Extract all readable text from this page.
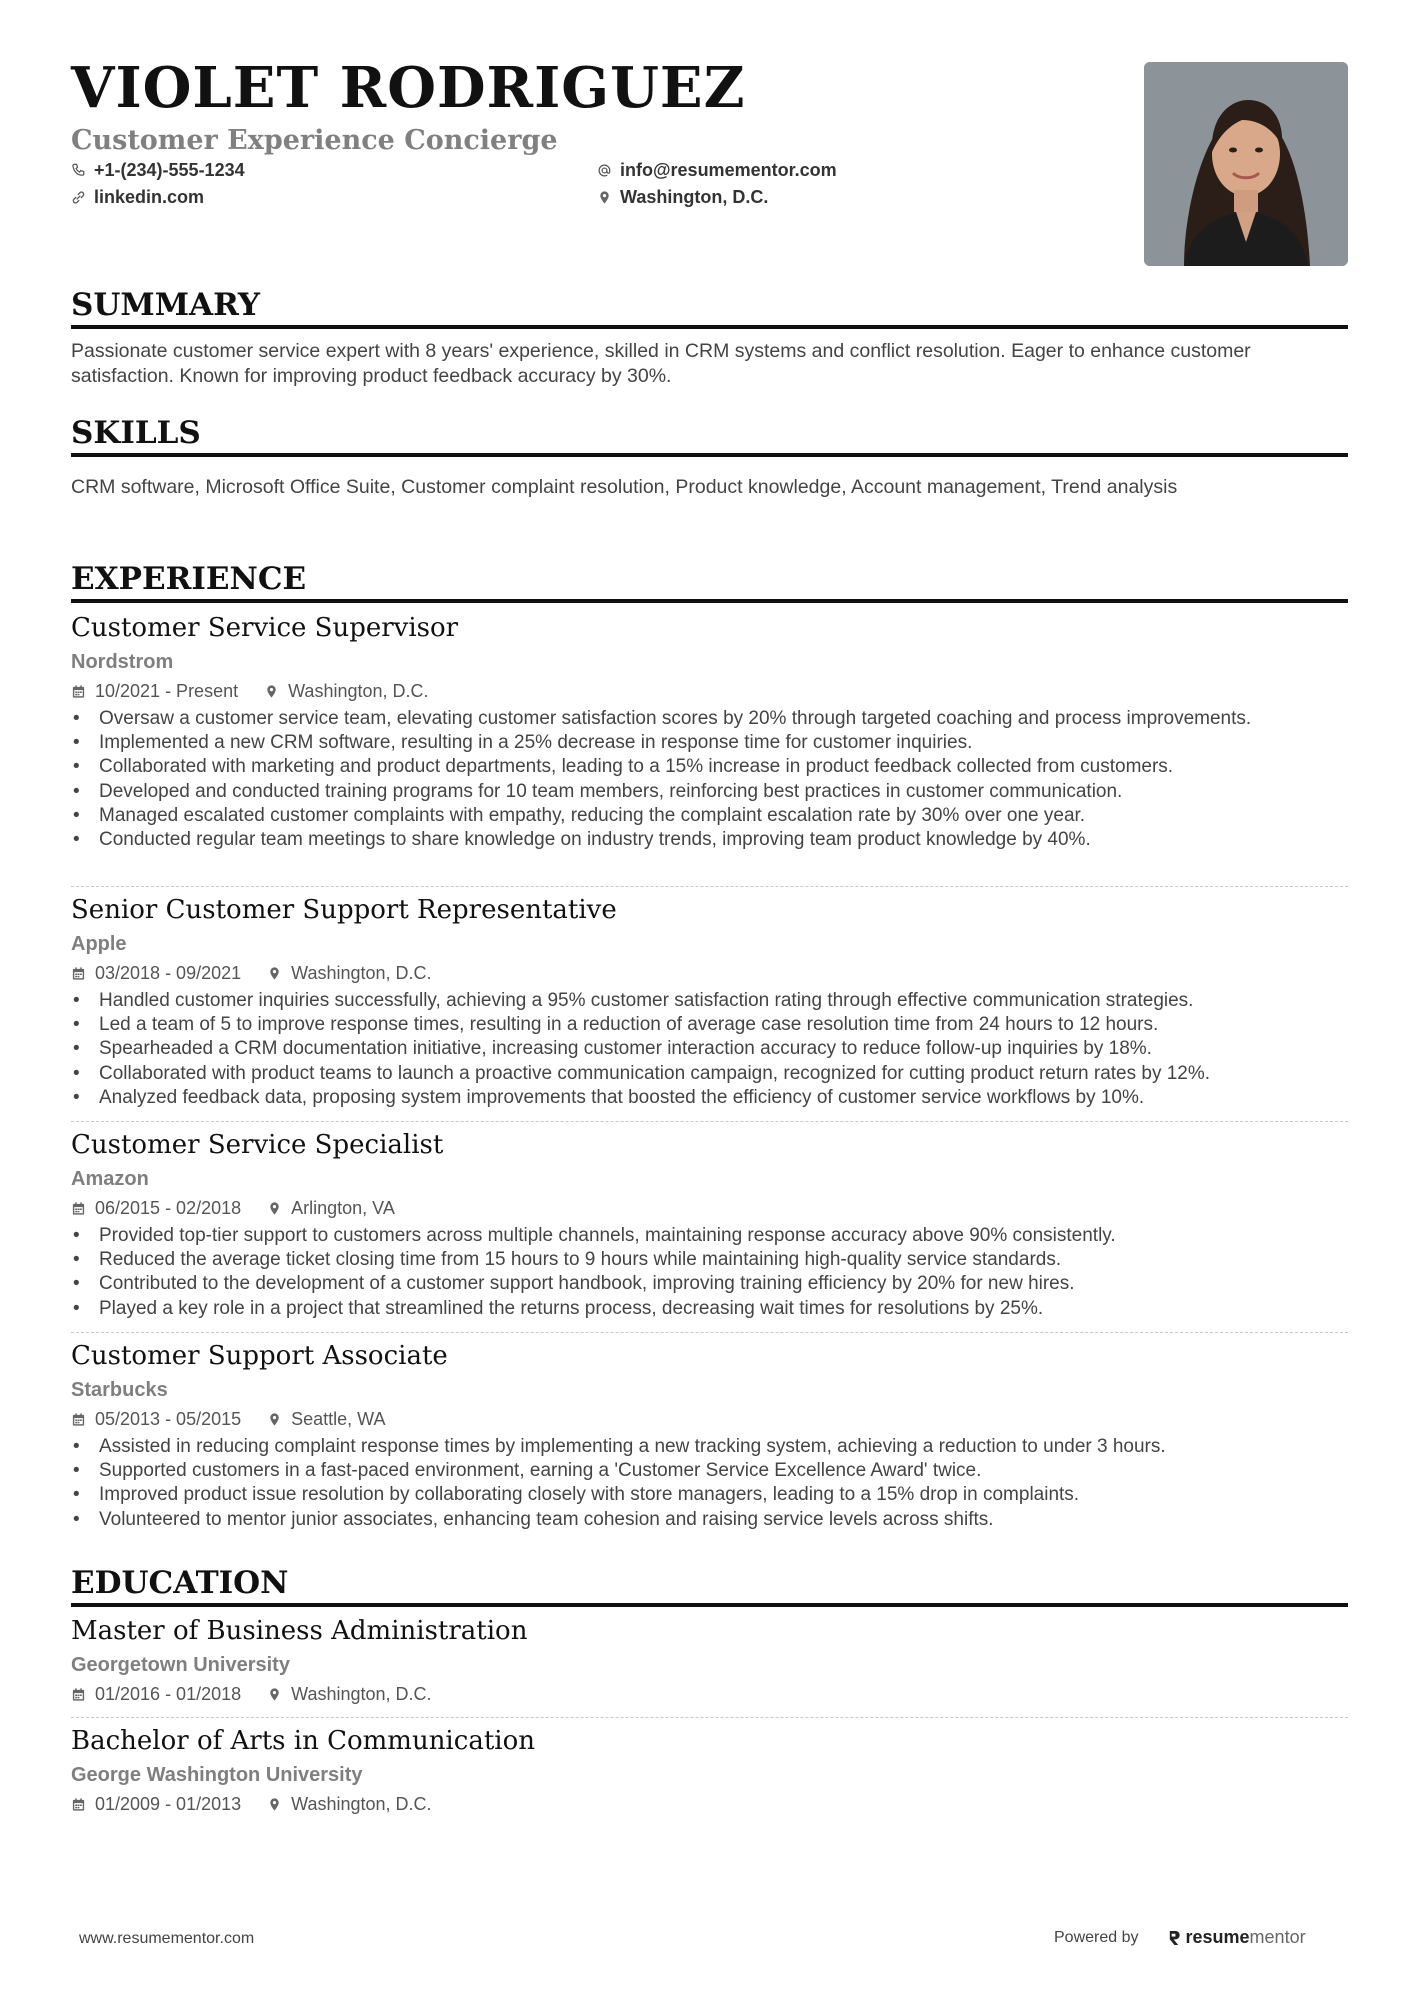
VIOLET RODRIGUEZ
Customer Experience Concierge
+1-(234)-555-1234
linkedin.com
info@resumementor.com
Washington, D.C.
SUMMARY
Passionate customer service expert with 8 years' experience, skilled in CRM systems and conflict resolution. Eager to enhance customer satisfaction. Known for improving product feedback accuracy by 30%.
SKILLS
CRM software, Microsoft Office Suite, Customer complaint resolution, Product knowledge, Account management, Trend analysis
EXPERIENCE
Customer Service Supervisor
Nordstrom
10/2021 - Present	Washington, D.C.
• Oversaw a customer service team, elevating customer satisfaction scores by 20% through targeted coaching and process improvements.
• Implemented a new CRM software, resulting in a 25% decrease in response time for customer inquiries.
• Collaborated with marketing and product departments, leading to a 15% increase in product feedback collected from customers.
• Developed and conducted training programs for 10 team members, reinforcing best practices in customer communication.
• Managed escalated customer complaints with empathy, reducing the complaint escalation rate by 30% over one year.
• Conducted regular team meetings to share knowledge on industry trends, improving team product knowledge by 40%.
Senior Customer Support Representative
Apple
03/2018 - 09/2021	Washington, D.C.
• Handled customer inquiries successfully, achieving a 95% customer satisfaction rating through effective communication strategies.
• Led a team of 5 to improve response times, resulting in a reduction of average case resolution time from 24 hours to 12 hours.
• Spearheaded a CRM documentation initiative, increasing customer interaction accuracy to reduce follow-up inquiries by 18%.
• Collaborated with product teams to launch a proactive communication campaign, recognized for cutting product return rates by 12%.
• Analyzed feedback data, proposing system improvements that boosted the efficiency of customer service workflows by 10%.
Customer Service Specialist
Amazon
06/2015 - 02/2018	Arlington, VA
• Provided top-tier support to customers across multiple channels, maintaining response accuracy above 90% consistently.
• Reduced the average ticket closing time from 15 hours to 9 hours while maintaining high-quality service standards.
• Contributed to the development of a customer support handbook, improving training efficiency by 20% for new hires.
• Played a key role in a project that streamlined the returns process, decreasing wait times for resolutions by 25%.
Customer Support Associate
Starbucks
05/2013 - 05/2015	Seattle, WA
• Assisted in reducing complaint response times by implementing a new tracking system, achieving a reduction to under 3 hours.
• Supported customers in a fast-paced environment, earning a 'Customer Service Excellence Award' twice.
• Improved product issue resolution by collaborating closely with store managers, leading to a 15% drop in complaints.
• Volunteered to mentor junior associates, enhancing team cohesion and raising service levels across shifts.
EDUCATION
Master of Business Administration
Georgetown University
01/2016 - 01/2018	Washington, D.C.
Bachelor of Arts in Communication
George Washington University
01/2009 - 01/2013	Washington, D.C.
www.resumementor.com	Powered by	resume mentor
